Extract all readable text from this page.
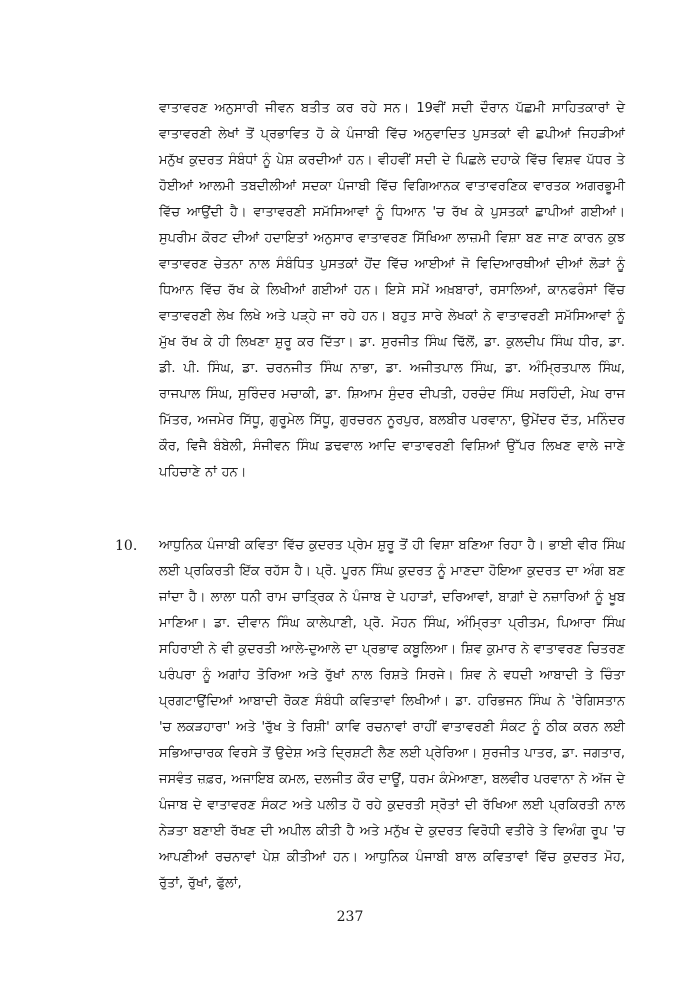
ਵਾਤਾਵਰਣ ਅਨੁਸਾਰੀ ਜੀਵਨ ਬਤੀਤ ਕਰ ਰਹੇ ਸਨ। 19ਵੀਂ ਸਦੀ ਦੌਰਾਨ ਪੱਛਮੀ ਸਾਹਿਤਕਾਰਾਂ ਦੇ ਵਾਤਾਵਰਣੀ ਲੇਖਾਂ ਤੋਂ ਪ੍ਰਭਾਵਿਤ ਹੋ ਕੇ ਪੰਜਾਬੀ ਵਿੱਚ ਅਨੁਵਾਦਿਤ ਪੁਸਤਕਾਂ ਵੀ ਛਪੀਆਂ ਜਿਹੜੀਆਂ ਮਨੁੱਖ ਕੁਦਰਤ ਸੰਬੰਧਾਂ ਨੂੰ ਪੇਸ਼ ਕਰਦੀਆਂ ਹਨ। ਵੀਹਵੀਂ ਸਦੀ ਦੇ ਪਿਛਲੇ ਦਹਾਕੇ ਵਿੱਚ ਵਿਸ਼ਵ ਪੱਧਰ ਤੇ ਹੋਈਆਂ ਆਲਮੀ ਤਬਦੀਲੀਆਂ ਸਦਕਾ ਪੰਜਾਬੀ ਵਿੱਚ ਵਿਗਿਆਨਕ ਵਾਤਾਵਰਣਿਕ ਵਾਰਤਕ ਅਗਰਭੂਮੀ ਵਿੱਚ ਆਉਂਦੀ ਹੈ। ਵਾਤਾਵਰਣੀ ਸਮੱਸਿਆਵਾਂ ਨੂੰ ਧਿਆਨ 'ਚ ਰੱਖ ਕੇ ਪੁਸਤਕਾਂ ਛਾਪੀਆਂ ਗਈਆਂ। ਸੁਪਰੀਮ ਕੋਰਟ ਦੀਆਂ ਹਦਾਇਤਾਂ ਅਨੁਸਾਰ ਵਾਤਾਵਰਣ ਸਿੱਖਿਆ ਲਾਜ਼ਮੀ ਵਿਸ਼ਾ ਬਣ ਜਾਣ ਕਾਰਨ ਕੁਝ ਵਾਤਾਵਰਣ ਚੇਤਨਾ ਨਾਲ ਸੰਬੰਧਿਤ ਪੁਸਤਕਾਂ ਹੋਂਦ ਵਿੱਚ ਆਈਆਂ ਜੋ ਵਿਦਿਆਰਥੀਆਂ ਦੀਆਂ ਲੋੜਾਂ ਨੂੰ ਧਿਆਨ ਵਿੱਚ ਰੱਖ ਕੇ ਲਿਖੀਆਂ ਗਈਆਂ ਹਨ। ਇਸੇ ਸਮੇਂ ਅਖ਼ਬਾਰਾਂ, ਰਸਾਲਿਆਂ, ਕਾਨਫਰੰਸਾਂ ਵਿੱਚ ਵਾਤਾਵਰਣੀ ਲੇਖ ਲਿਖੇ ਅਤੇ ਪੜ੍ਹੇ ਜਾ ਰਹੇ ਹਨ। ਬਹੁਤ ਸਾਰੇ ਲੇਖਕਾਂ ਨੇ ਵਾਤਾਵਰਣੀ ਸਮੱਸਿਆਵਾਂ ਨੂੰ ਮੁੱਖ ਰੱਖ ਕੇ ਹੀ ਲਿਖਣਾ ਸ਼ੁਰੂ ਕਰ ਦਿੱਤਾ। ਡਾ. ਸੁਰਜੀਤ ਸਿੰਘ ਢਿੱਲੋਂ, ਡਾ. ਕੁਲਦੀਪ ਸਿੰਘ ਧੀਰ, ਡਾ. ਡੀ. ਪੀ. ਸਿੰਘ, ਡਾ. ਚਰਨਜੀਤ ਸਿੰਘ ਨਾਭਾ, ਡਾ. ਅਜੀਤਪਾਲ ਸਿੰਘ, ਡਾ. ਅੰਮ੍ਰਿਤਪਾਲ ਸਿੰਘ, ਰਾਜਪਾਲ ਸਿੰਘ, ਸੁਰਿੰਦਰ ਮਚਾਕੀ, ਡਾ. ਸ਼ਿਆਮ ਸੁੰਦਰ ਦੀਪਤੀ, ਹਰਚੰਦ ਸਿੰਘ ਸਰਹਿੰਦੀ, ਮੇਘ ਰਾਜ ਮਿੱਤਰ, ਅਜਮੇਰ ਸਿੱਧੂ, ਗੁਰੂਮੇਲ ਸਿੱਧੂ, ਗੁਰਚਰਨ ਨੂਰਪੁਰ, ਬਲਬੀਰ ਪਰਵਾਨਾ, ਉਮੇਂਦਰ ਦੱਤ, ਮਨਿੰਦਰ ਕੌਰ, ਵਿਜੈ ਬੰਬੇਲੀ, ਸੰਜੀਵਨ ਸਿੰਘ ਡਢਵਾਲ ਆਦਿ ਵਾਤਾਵਰਣੀ ਵਿਸ਼ਿਆਂ ਉੱਪਰ ਲਿਖਣ ਵਾਲੇ ਜਾਣੇ ਪਹਿਚਾਣੇ ਨਾਂ ਹਨ।

10. ਆਧੁਨਿਕ ਪੰਜਾਬੀ ਕਵਿਤਾ ਵਿੱਚ ਕੁਦਰਤ ਪ੍ਰੇਮ ਸ਼ੁਰੂ ਤੋਂ ਹੀ ਵਿਸ਼ਾ ਬਣਿਆ ਰਿਹਾ ਹੈ। ਭਾਈ ਵੀਰ ਸਿੰਘ ਲਈ ਪ੍ਰਕਿਰਤੀ ਇੱਕ ਰਹੱਸ ਹੈ। ਪ੍ਰੋ. ਪੂਰਨ ਸਿੰਘ ਕੁਦਰਤ ਨੂੰ ਮਾਣਦਾ ਹੋਇਆ ਕੁਦਰਤ ਦਾ ਅੰਗ ਬਣ ਜਾਂਦਾ ਹੈ। ਲਾਲਾ ਧਨੀ ਰਾਮ ਚਾਤ੍ਰਿਕ ਨੇ ਪੰਜਾਬ ਦੇ ਪਹਾੜਾਂ, ਦਰਿਆਵਾਂ, ਬਾਗ਼ਾਂ ਦੇ ਨਜ਼ਾਰਿਆਂ ਨੂੰ ਖੂਬ ਮਾਣਿਆ। ਡਾ. ਦੀਵਾਨ ਸਿੰਘ ਕਾਲੇਪਾਣੀ, ਪ੍ਰੋ. ਮੋਹਨ ਸਿੰਘ, ਅੰਮ੍ਰਿਤਾ ਪ੍ਰੀਤਮ, ਪਿਆਰਾ ਸਿੰਘ ਸਹਿਰਾਈ ਨੇ ਵੀ ਕੁਦਰਤੀ ਆਲੇ-ਦੁਆਲੇ ਦਾ ਪ੍ਰਭਾਵ ਕਬੂਲਿਆ। ਸ਼ਿਵ ਕੁਮਾਰ ਨੇ ਵਾਤਾਵਰਣ ਚਿਤਰਣ ਪਰੰਪਰਾ ਨੂੰ ਅਗਾਂਹ ਤੋਰਿਆ ਅਤੇ ਰੁੱਖਾਂ ਨਾਲ ਰਿਸ਼ਤੇ ਸਿਰਜੇ। ਸ਼ਿਵ ਨੇ ਵਧਦੀ ਆਬਾਦੀ ਤੇ ਚਿੰਤਾ ਪ੍ਰਗਟਾਉਂਦਿਆਂ ਆਬਾਦੀ ਰੋਕਣ ਸੰਬੰਧੀ ਕਵਿਤਾਵਾਂ ਲਿਖੀਆਂ। ਡਾ. ਹਰਿਭਜਨ ਸਿੰਘ ਨੇ 'ਰੇਗਿਸਤਾਨ 'ਚ ਲਕੜਹਾਰਾ' ਅਤੇ 'ਰੁੱਖ ਤੇ ਰਿਸ਼ੀ' ਕਾਵਿ ਰਚਨਾਵਾਂ ਰਾਹੀਂ ਵਾਤਾਵਰਣੀ ਸੰਕਟ ਨੂੰ ਠੀਕ ਕਰਨ ਲਈ ਸਭਿਆਚਾਰਕ ਵਿਰਸੇ ਤੋਂ ਉਦੇਸ਼ ਅਤੇ ਦ੍ਰਿਸ਼ਟੀ ਲੈਣ ਲਈ ਪ੍ਰੇਰਿਆ। ਸੁਰਜੀਤ ਪਾਤਰ, ਡਾ. ਜਗਤਾਰ, ਜਸਵੰਤ ਜ਼ਫ਼ਰ, ਅਜਾਇਬ ਕਮਲ, ਦਲਜੀਤ ਕੌਰ ਦਾਊਂ, ਧਰਮ ਕੰਮੇਆਣਾ, ਬਲਵੀਰ ਪਰਵਾਨਾ ਨੇ ਅੱਜ ਦੇ ਪੰਜਾਬ ਦੇ ਵਾਤਾਵਰਣ ਸੰਕਟ ਅਤੇ ਪਲੀਤ ਹੋ ਰਹੇ ਕੁਦਰਤੀ ਸ੍ਰੋਤਾਂ ਦੀ ਰੱਖਿਆ ਲਈ ਪ੍ਰਕਿਰਤੀ ਨਾਲ ਨੇੜਤਾ ਬਣਾਈ ਰੱਖਣ ਦੀ ਅਪੀਲ ਕੀਤੀ ਹੈ ਅਤੇ ਮਨੁੱਖ ਦੇ ਕੁਦਰਤ ਵਿਰੋਧੀ ਵਤੀਰੇ ਤੇ ਵਿਅੰਗ ਰੂਪ 'ਚ ਆਪਣੀਆਂ ਰਚਨਾਵਾਂ ਪੇਸ਼ ਕੀਤੀਆਂ ਹਨ। ਆਧੁਨਿਕ ਪੰਜਾਬੀ ਬਾਲ ਕਵਿਤਾਵਾਂ ਵਿੱਚ ਕੁਦਰਤ ਮੋਹ, ਰੁੱਤਾਂ, ਰੁੱਖਾਂ, ਫੁੱਲਾਂ,

237
